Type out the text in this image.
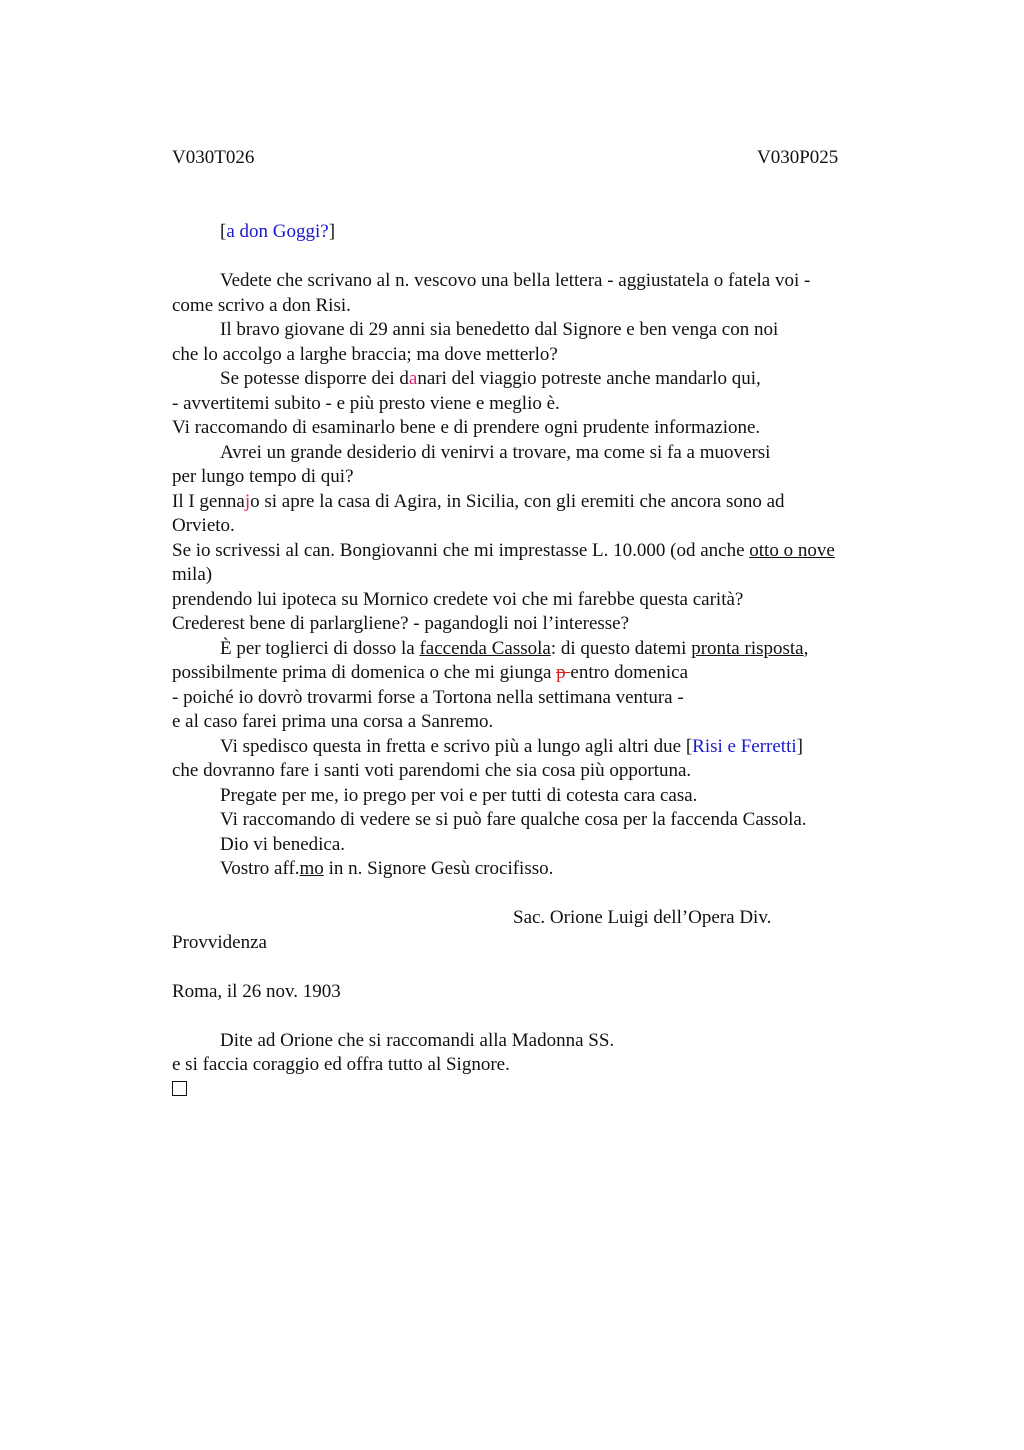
V030T026	V030P025
[a don Goggi?]
Vedete che scrivano al n. vescovo una bella lettera - aggiustatela o fatela voi -
come scrivo a don Risi.
Il bravo giovane di 29 anni sia benedetto dal Signore e ben venga con noi
che lo accolgo a larghe braccia; ma dove metterlo?
Se potesse disporre dei danari del viaggio potreste anche mandarlo qui,
- avvertitemi subito - e più presto viene e meglio è.
Vi raccomando di esaminarlo bene e di prendere ogni prudente informazione.
Avrei un grande desiderio di venirvi a trovare, ma come si fa a muoversi
per lungo tempo di qui?
Il I gennajo si apre la casa di Agira, in Sicilia, con gli eremiti che ancora sono ad
Orvieto.
Se io scrivessi al can. Bongiovanni che mi imprestasse L. 10.000 (od anche otto o nove
mila)
prendendo lui ipoteca su Mornico credete voi che mi farebbe questa carità?
Crederest bene di parlargliene? - pagandogli noi l’interesse?
È per toglierci di dosso la faccenda Cassola: di questo datemi pronta risposta,
possibilmente prima di domenica o che mi giunga p entro domenica
- poiché io dovrò trovarmi forse a Tortona nella settimana ventura -
e al caso farei prima una corsa a Sanremo.
Vi spedisco questa in fretta e scrivo più a lungo agli altri due [Risi e Ferretti]
che dovranno fare i santi voti parendomi che sia cosa più opportuna.
Pregate per me, io prego per voi e per tutti di cotesta cara casa.
Vi raccomando di vedere se si può fare qualche cosa per la faccenda Cassola.
Dio vi benedica.
Vostro aff.mo in n. Signore Gesù crocifisso.
Sac. Orione Luigi dell’Opera Div.
Provvidenza
Roma, il 26 nov. 1903
Dite ad Orione che si raccomandi alla Madonna SS.
e si faccia coraggio ed offra tutto al Signore.
